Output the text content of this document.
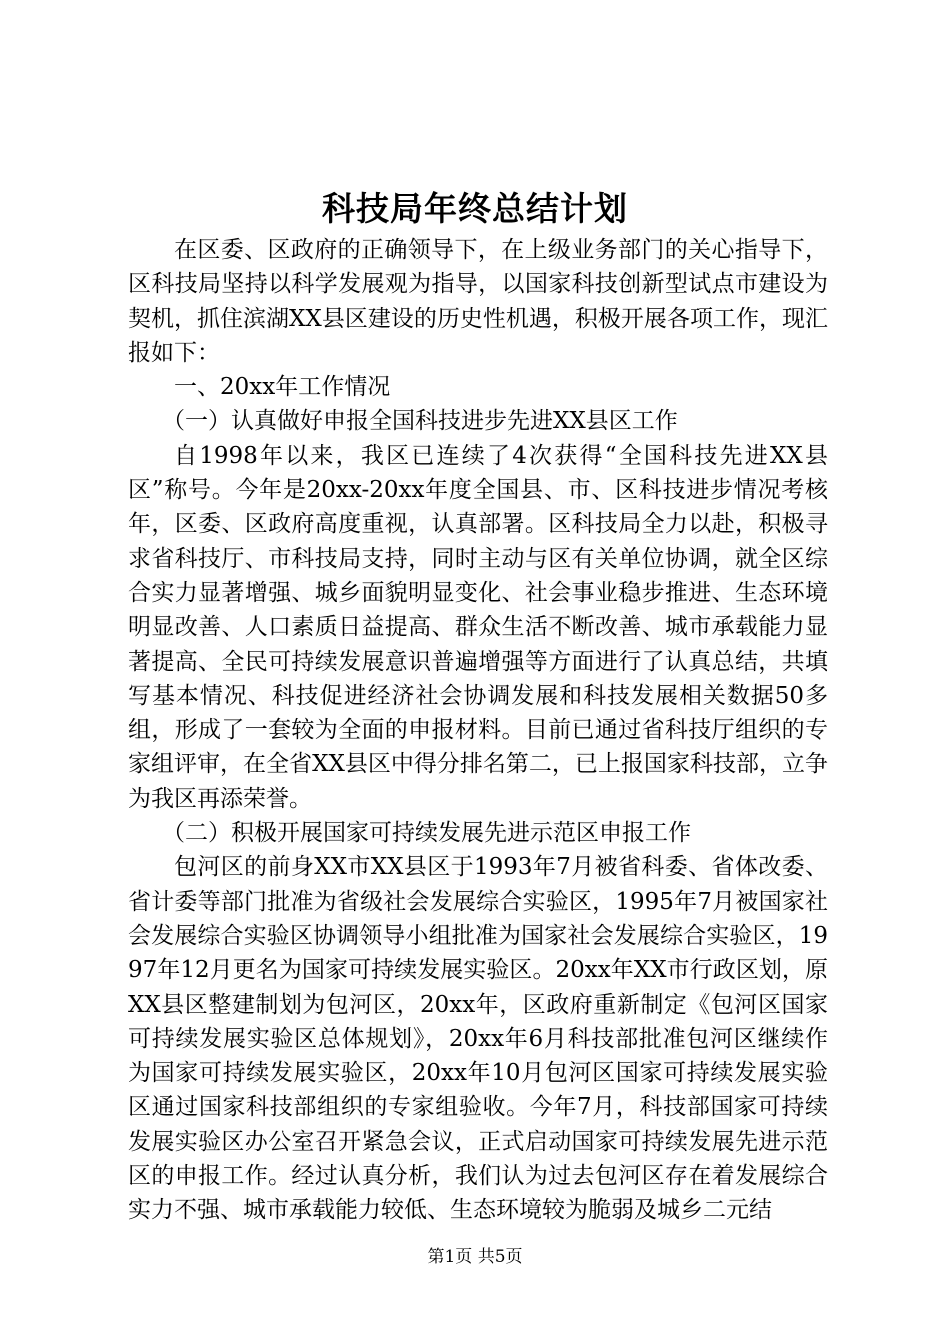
科技局年终总结计划

在区委、区政府的正确领导下，在上级业务部门的关心指导下，区科技局坚持以科学发展观为指导，以国家科技创新型试点市建设为契机，抓住滨湖XX县区建设的历史性机遇，积极开展各项工作，现汇报如下：

一、20xx年工作情况

（一）认真做好申报全国科技进步先进XX县区工作

自1998年以来，我区已连续了4次获得“全国科技先进XX县区”称号。今年是20xx-20xx年度全国县、市、区科技进步情况考核年，区委、区政府高度重视，认真部署。区科技局全力以赴，积极寻求省科技厅、市科技局支持，同时主动与区有关单位协调，就全区综合实力显著增强、城乡面貌明显变化、社会事业稳步推进、生态环境明显改善、人口素质日益提高、群众生活不断改善、城市承载能力显著提高、全民可持续发展意识普遍增强等方面进行了认真总结，共填写基本情况、科技促进经济社会协调发展和科技发展相关数据50多组，形成了一套较为全面的申报材料。目前已通过省科技厅组织的专家组评审，在全省XX县区中得分排名第二，已上报国家科技部，立争为我区再添荣誉。

（二）积极开展国家可持续发展先进示范区申报工作

包河区的前身XX市XX县区于1993年7月被省科委、省体改委、省计委等部门批准为省级社会发展综合实验区，1995年7月被国家社会发展综合实验区协调领导小组批准为国家社会发展综合实验区，1997年12月更名为国家可持续发展实验区。20xx年XX市行政区划，原XX县区整建制划为包河区，20xx年，区政府重新制定《包河区国家可持续发展实验区总体规划》，20xx年6月科技部批准包河区继续作为国家可持续发展实验区，20xx年10月包河区国家可持续发展实验区通过国家科技部组织的专家组验收。今年7月，科技部国家可持续发展实验区办公室召开紧急会议，正式启动国家可持续发展先进示范区的申报工作。经过认真分析，我们认为过去包河区存在着发展综合实力不强、城市承载能力较低、生态环境较为脆弱及城乡二元结

第1页 共5页
